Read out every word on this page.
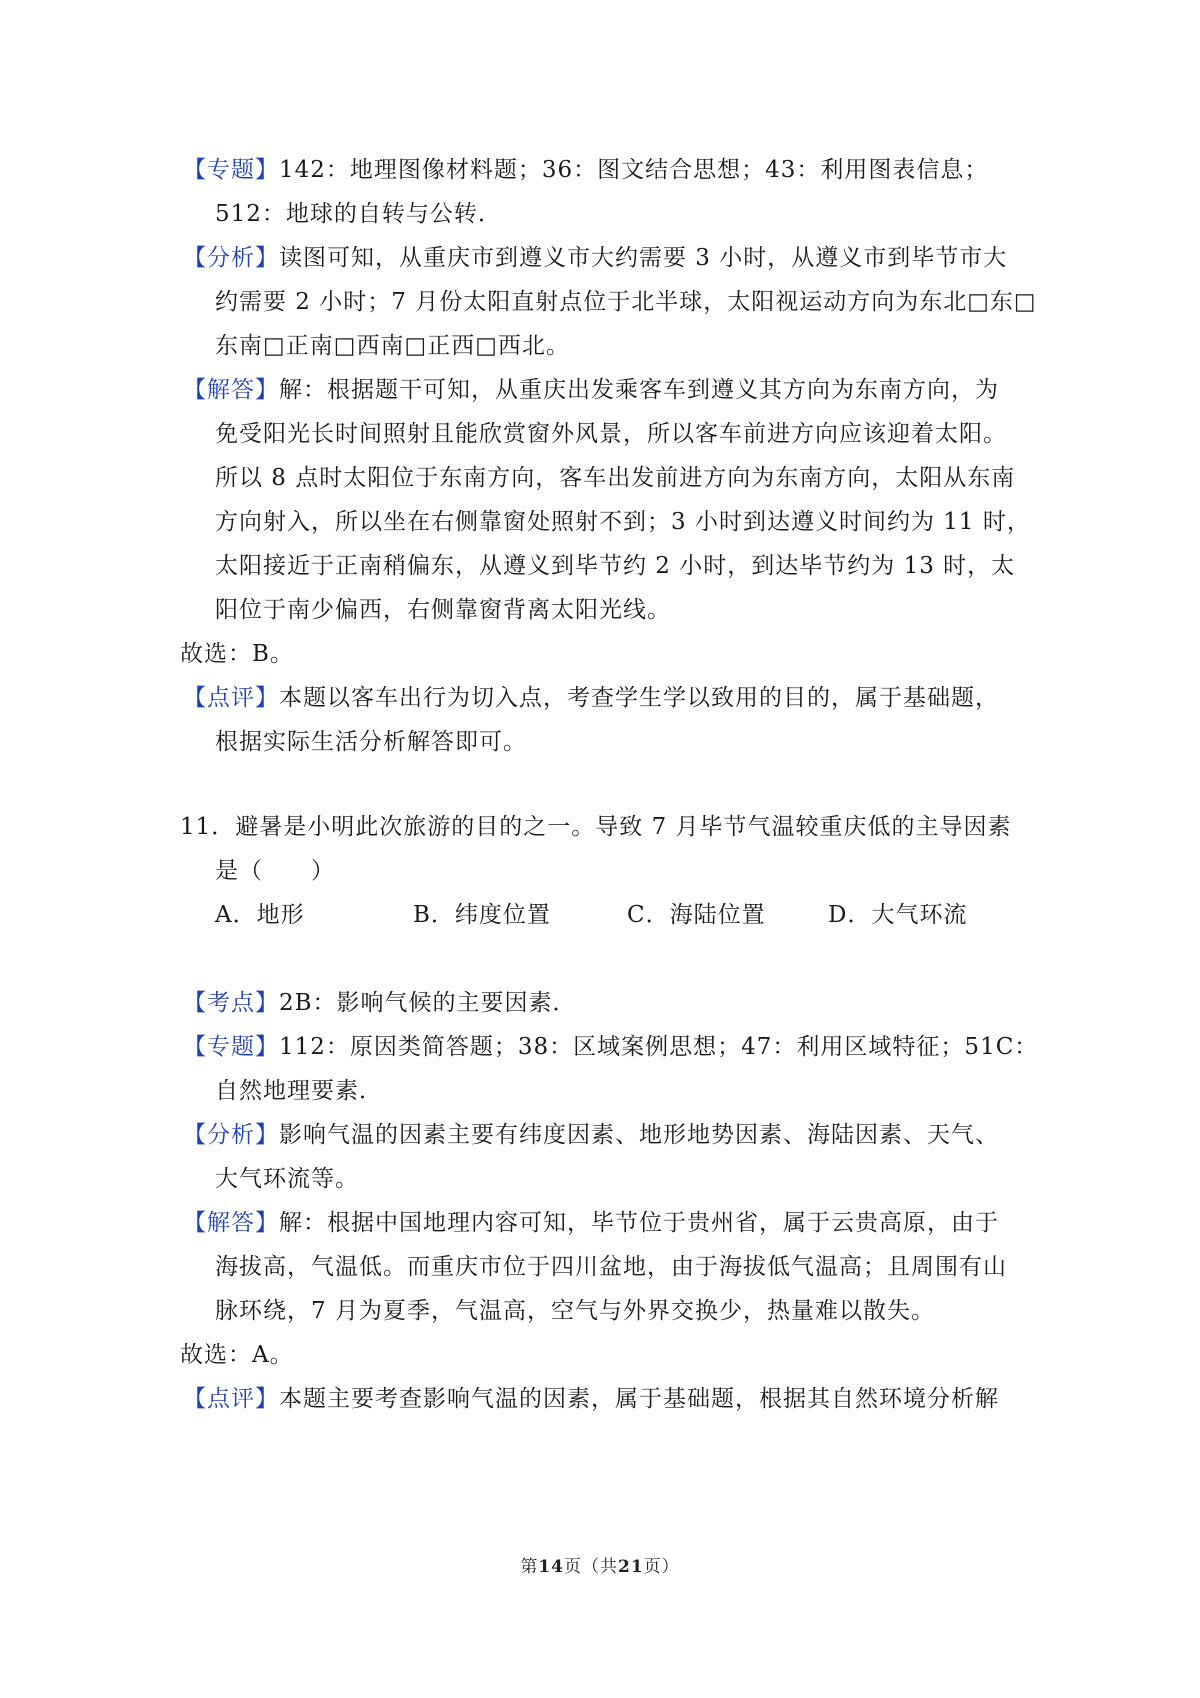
【专题】142：地理图像材料题；36：图文结合思想；43：利用图表信息；
512：地球的自转与公转．
【分析】读图可知，从重庆市到遵义市大约需要 3 小时，从遵义市到毕节市大
约需要 2 小时；7 月份太阳直射点位于北半球，太阳视运动方向为东北□东□
东南□正南□西南□正西□西北。
【解答】解：根据题干可知，从重庆出发乘客车到遵义其方向为东南方向，为
免受阳光长时间照射且能欣赏窗外风景，所以客车前进方向应该迎着太阳。
所以 8 点时太阳位于东南方向，客车出发前进方向为东南方向，太阳从东南
方向射入，所以坐在右侧靠窗处照射不到；3 小时到达遵义时间约为 11 时，
太阳接近于正南稍偏东，从遵义到毕节约 2 小时，到达毕节约为 13 时，太
阳位于南少偏西，右侧靠窗背离太阳光线。
故选：B。
【点评】本题以客车出行为切入点，考查学生学以致用的目的，属于基础题，
根据实际生活分析解答即可。
11．避暑是小明此次旅游的目的之一。导致 7 月毕节气温较重庆低的主导因素
是（　　）
A．地形	B．纬度位置	C．海陆位置	D．大气环流
【考点】2B：影响气候的主要因素．
【专题】112：原因类简答题；38：区域案例思想；47：利用区域特征；51C：
自然地理要素．
【分析】影响气温的因素主要有纬度因素、地形地势因素、海陆因素、天气、
大气环流等。
【解答】解：根据中国地理内容可知，毕节位于贵州省，属于云贵高原，由于
海拔高，气温低。而重庆市位于四川盆地，由于海拔低气温高；且周围有山
脉环绕，7 月为夏季，气温高，空气与外界交换少，热量难以散失。
故选：A。
【点评】本题主要考查影响气温的因素，属于基础题，根据其自然环境分析解
第14页（共21页）
